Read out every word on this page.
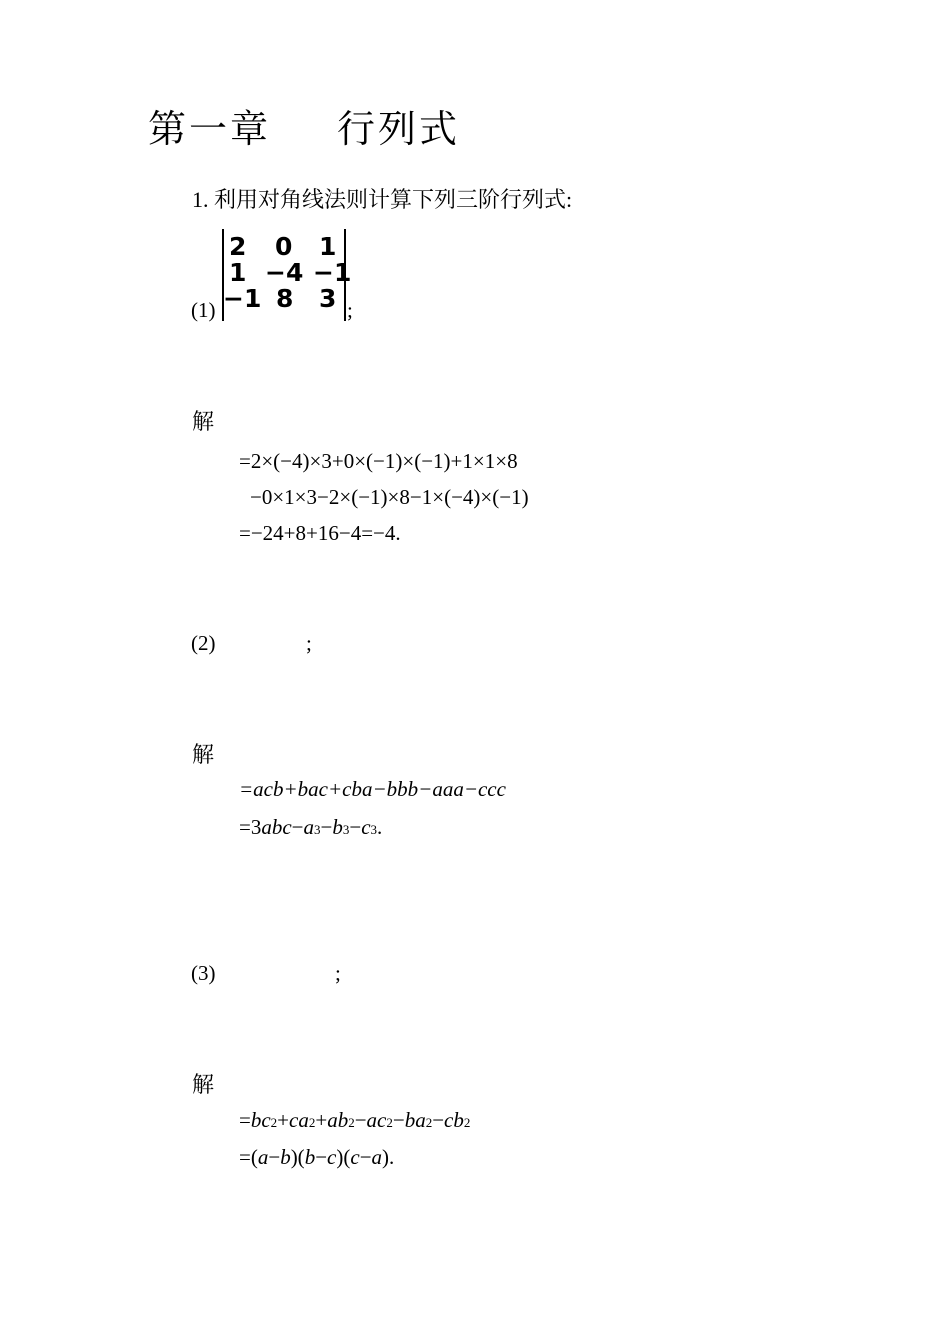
第一章 行列式
1. 利用对角线法则计算下列三阶行列式:
(1)
2 0 1
1 −4 −1
−1 8 3 ;
解
=2×(−4)×3+0×(−1)×(−1)+1×1×8
−0×1×3−2×(−1)×8−1×(−4)×(−1)
=−24+8+16−4=−4.
(2)	;
解
=acb+bac+cba−bbb−aaa−ccc
=3abc−a3−b3−c3.
(3)	;
解
=bc2+ca2+ab2−ac2−ba2−cb2
=(a−b)(b−c)(c−a).
